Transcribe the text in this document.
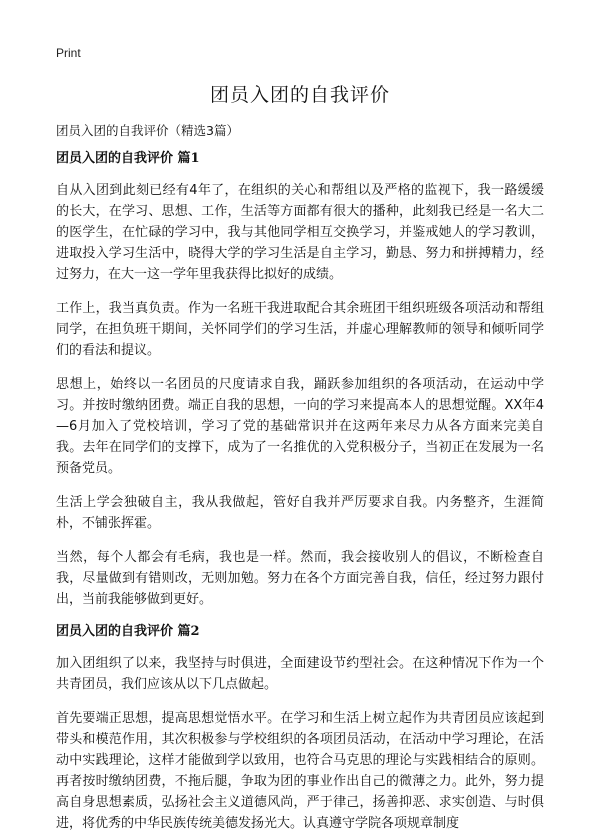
Print
团员入团的自我评价

团员入团的自我评价（精选3篇）

团员入团的自我评价 篇1

自从入团到此刻已经有4年了，在组织的关心和帮组以及严格的监视下，我一路缓缓的长大，在学习、思想、工作，生活等方面都有很大的播种，此刻我已经是一名大二的医学生，在忙碌的学习中，我与其他同学相互交换学习，并鉴戒她人的学习教训，进取投入学习生活中，晓得大学的学习生活是自主学习，勤恳、努力和拼搏精力，经过努力，在大一这一学年里我获得比拟好的成绩。

工作上，我当真负责。作为一名班干我进取配合其余班团干组织班级各项活动和帮组同学，在担负班干期间，关怀同学们的学习生活，并虚心理解教师的领导和倾听同学们的看法和提议。

思想上，始终以一名团员的尺度请求自我，踊跃参加组织的各项活动，在运动中学习。并按时缴纳团费。端正自我的思想，一向的学习来提高本人的思想觉醒。XX年4—6月加入了党校培训，学习了党的基础常识并在这两年来尽力从各方面来完美自我。去年在同学们的支撑下，成为了一名推优的入党积极分子，当初正在发展为一名预备党员。

生活上学会独破自主，我从我做起，管好自我并严厉要求自我。内务整齐，生涯简朴，不铺张挥霍。

当然，每个人都会有毛病，我也是一样。然而，我会接收别人的倡议，不断检查自我，尽量做到有错则改，无则加勉。努力在各个方面完善自我，信任，经过努力跟付出，当前我能够做到更好。

团员入团的自我评价 篇2

加入团组织了以来，我坚持与时俱进，全面建设节约型社会。在这种情况下作为一个共青团员，我们应该从以下几点做起。

首先要端正思想，提高思想觉悟水平。在学习和生活上树立起作为共青团员应该起到带头和模范作用，其次积极参与学校组织的各项团员活动，在活动中学习理论，在活动中实践理论，这样才能做到学以致用，也符合马克思的理论与实践相结合的原则。再者按时缴纳团费，不拖后腿，争取为团的事业作出自己的微薄之力。此外，努力提高自身思想素质，弘扬社会主义道德风尚，严于律己，扬善抑恶、求实创造、与时俱进，将优秀的中华民族传统美德发扬光大。认真遵守学院各项规章制度
